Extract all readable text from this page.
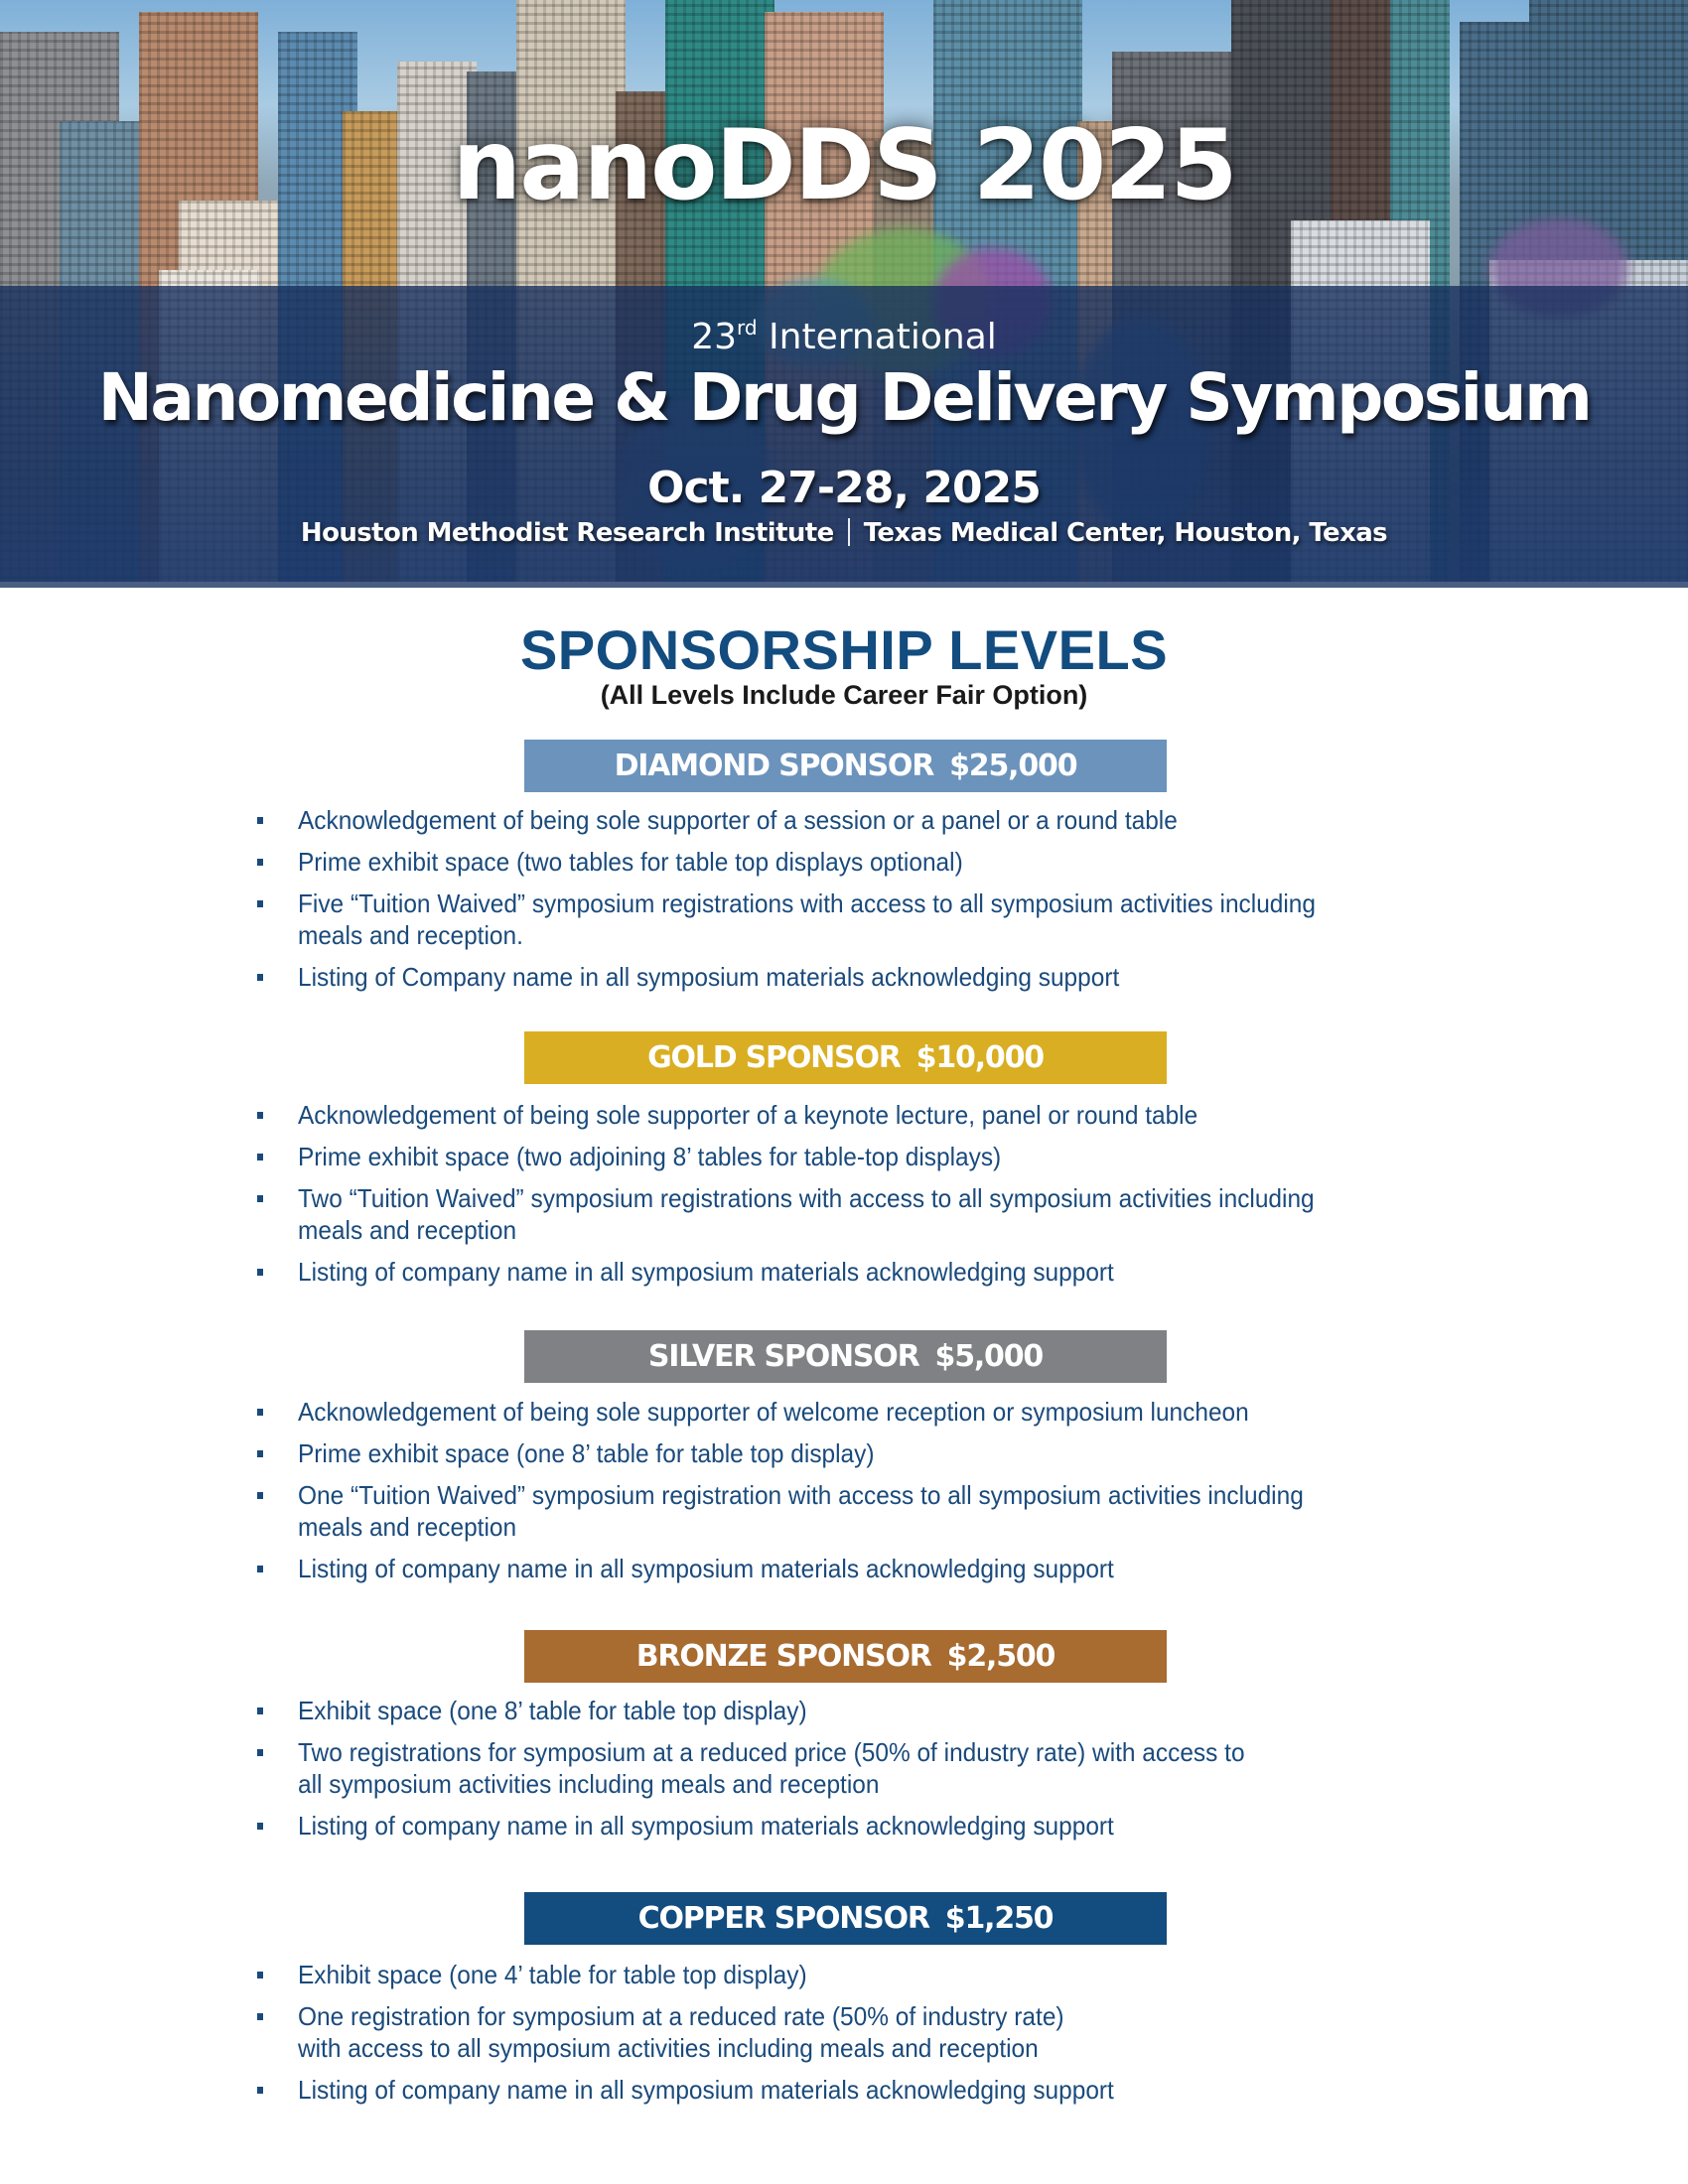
nanoDDS 2025
23rd International
Nanomedicine & Drug Delivery Symposium
Oct. 27-28, 2025
Houston Methodist Research Institute Texas Medical Center, Houston, Texas
SPONSORSHIP LEVELS
(All Levels Include Career Fair Option)
DIAMOND SPONSOR $25,000
Acknowledgement of being sole supporter of a session or a panel or a round table
Prime exhibit space (two tables for table top displays optional)
Five “Tuition Waived” symposium registrations with access to all symposium activities including
meals and reception.
Listing of Company name in all symposium materials acknowledging support
GOLD SPONSOR $10,000
Acknowledgement of being sole supporter of a keynote lecture, panel or round table
Prime exhibit space (two adjoining 8’ tables for table-top displays)
Two “Tuition Waived” symposium registrations with access to all symposium activities including
meals and reception
Listing of company name in all symposium materials acknowledging support
SILVER SPONSOR $5,000
Acknowledgement of being sole supporter of welcome reception or symposium luncheon
Prime exhibit space (one 8’ table for table top display)
One “Tuition Waived” symposium registration with access to all symposium activities including
meals and reception
Listing of company name in all symposium materials acknowledging support
BRONZE SPONSOR $2,500
Exhibit space (one 8’ table for table top display)
Two registrations for symposium at a reduced price (50% of industry rate) with access to
all symposium activities including meals and reception
Listing of company name in all symposium materials acknowledging support
COPPER SPONSOR $1,250
Exhibit space (one 4’ table for table top display)
One registration for symposium at a reduced rate (50% of industry rate)
with access to all symposium activities including meals and reception
Listing of company name in all symposium materials acknowledging support
